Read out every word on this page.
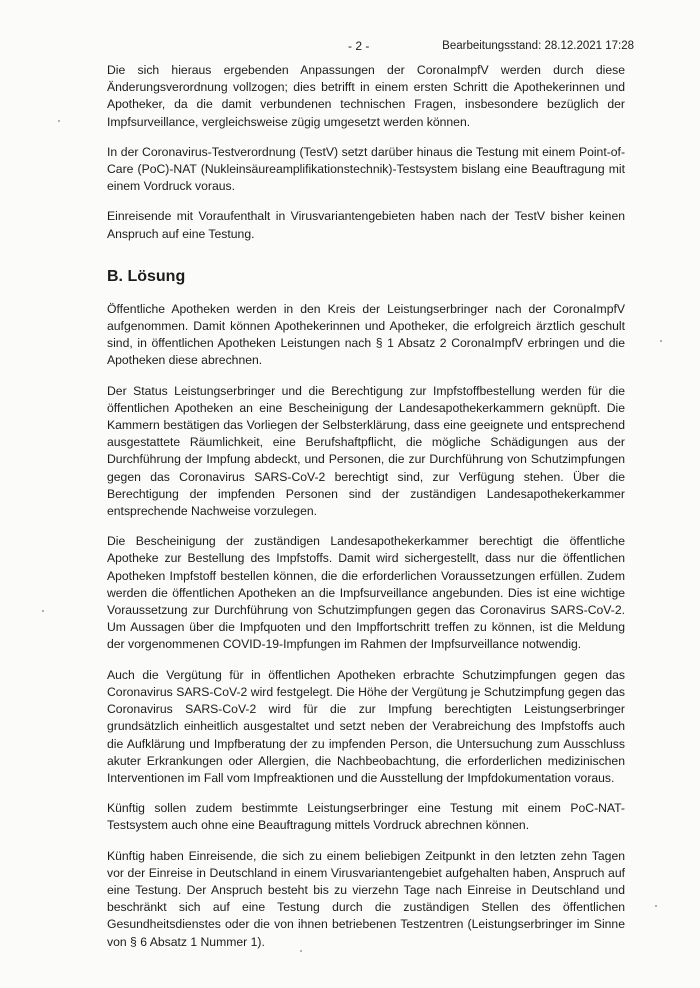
- 2 -	Bearbeitungsstand: 28.12.2021 17:28

Die sich hieraus ergebenden Anpassungen der CoronaImpfV werden durch diese Änderungsverordnung vollzogen; dies betrifft in einem ersten Schritt die Apothekerinnen und Apotheker, da die damit verbundenen technischen Fragen, insbesondere bezüglich der Impfsurveillance, vergleichsweise zügig umgesetzt werden können.

In der Coronavirus-Testverordnung (TestV) setzt darüber hinaus die Testung mit einem Point-of-Care (PoC)-NAT (Nukleinsäureamplifikationstechnik)-Testsystem bislang eine Beauftragung mit einem Vordruck voraus.

Einreisende mit Voraufenthalt in Virusvariantengebieten haben nach der TestV bisher keinen Anspruch auf eine Testung.

B. Lösung

Öffentliche Apotheken werden in den Kreis der Leistungserbringer nach der CoronaImpfV aufgenommen. Damit können Apothekerinnen und Apotheker, die erfolgreich ärztlich geschult sind, in öffentlichen Apotheken Leistungen nach § 1 Absatz 2 CoronaImpfV erbringen und die Apotheken diese abrechnen.

Der Status Leistungserbringer und die Berechtigung zur Impfstoffbestellung werden für die öffentlichen Apotheken an eine Bescheinigung der Landesapothekerkammern geknüpft. Die Kammern bestätigen das Vorliegen der Selbsterklärung, dass eine geeignete und entsprechend ausgestattete Räumlichkeit, eine Berufshaftpflicht, die mögliche Schädigungen aus der Durchführung der Impfung abdeckt, und Personen, die zur Durchführung von Schutzimpfungen gegen das Coronavirus SARS-CoV-2 berechtigt sind, zur Verfügung stehen. Über die Berechtigung der impfenden Personen sind der zuständigen Landesapothekerkammer entsprechende Nachweise vorzulegen.

Die Bescheinigung der zuständigen Landesapothekerkammer berechtigt die öffentliche Apotheke zur Bestellung des Impfstoffs. Damit wird sichergestellt, dass nur die öffentlichen Apotheken Impfstoff bestellen können, die die erforderlichen Voraussetzungen erfüllen. Zudem werden die öffentlichen Apotheken an die Impfsurveillance angebunden. Dies ist eine wichtige Voraussetzung zur Durchführung von Schutzimpfungen gegen das Coronavirus SARS-CoV-2. Um Aussagen über die Impfquoten und den Impffortschritt treffen zu können, ist die Meldung der vorgenommenen COVID-19-Impfungen im Rahmen der Impfsurveillance notwendig.

Auch die Vergütung für in öffentlichen Apotheken erbrachte Schutzimpfungen gegen das Coronavirus SARS-CoV-2 wird festgelegt. Die Höhe der Vergütung je Schutzimpfung gegen das Coronavirus SARS-CoV-2 wird für die zur Impfung berechtigten Leistungserbringer grundsätzlich einheitlich ausgestaltet und setzt neben der Verabreichung des Impfstoffs auch die Aufklärung und Impfberatung der zu impfenden Person, die Untersuchung zum Ausschluss akuter Erkrankungen oder Allergien, die Nachbeobachtung, die erforderlichen medizinischen Interventionen im Fall vom Impfreaktionen und die Ausstellung der Impfdokumentation voraus.

Künftig sollen zudem bestimmte Leistungserbringer eine Testung mit einem PoC-NAT-Testsystem auch ohne eine Beauftragung mittels Vordruck abrechnen können.

Künftig haben Einreisende, die sich zu einem beliebigen Zeitpunkt in den letzten zehn Tagen vor der Einreise in Deutschland in einem Virusvariantengebiet aufgehalten haben, Anspruch auf eine Testung. Der Anspruch besteht bis zu vierzehn Tage nach Einreise in Deutschland und beschränkt sich auf eine Testung durch die zuständigen Stellen des öffentlichen Gesundheitsdienstes oder die von ihnen betriebenen Testzentren (Leistungserbringer im Sinne von § 6 Absatz 1 Nummer 1).
